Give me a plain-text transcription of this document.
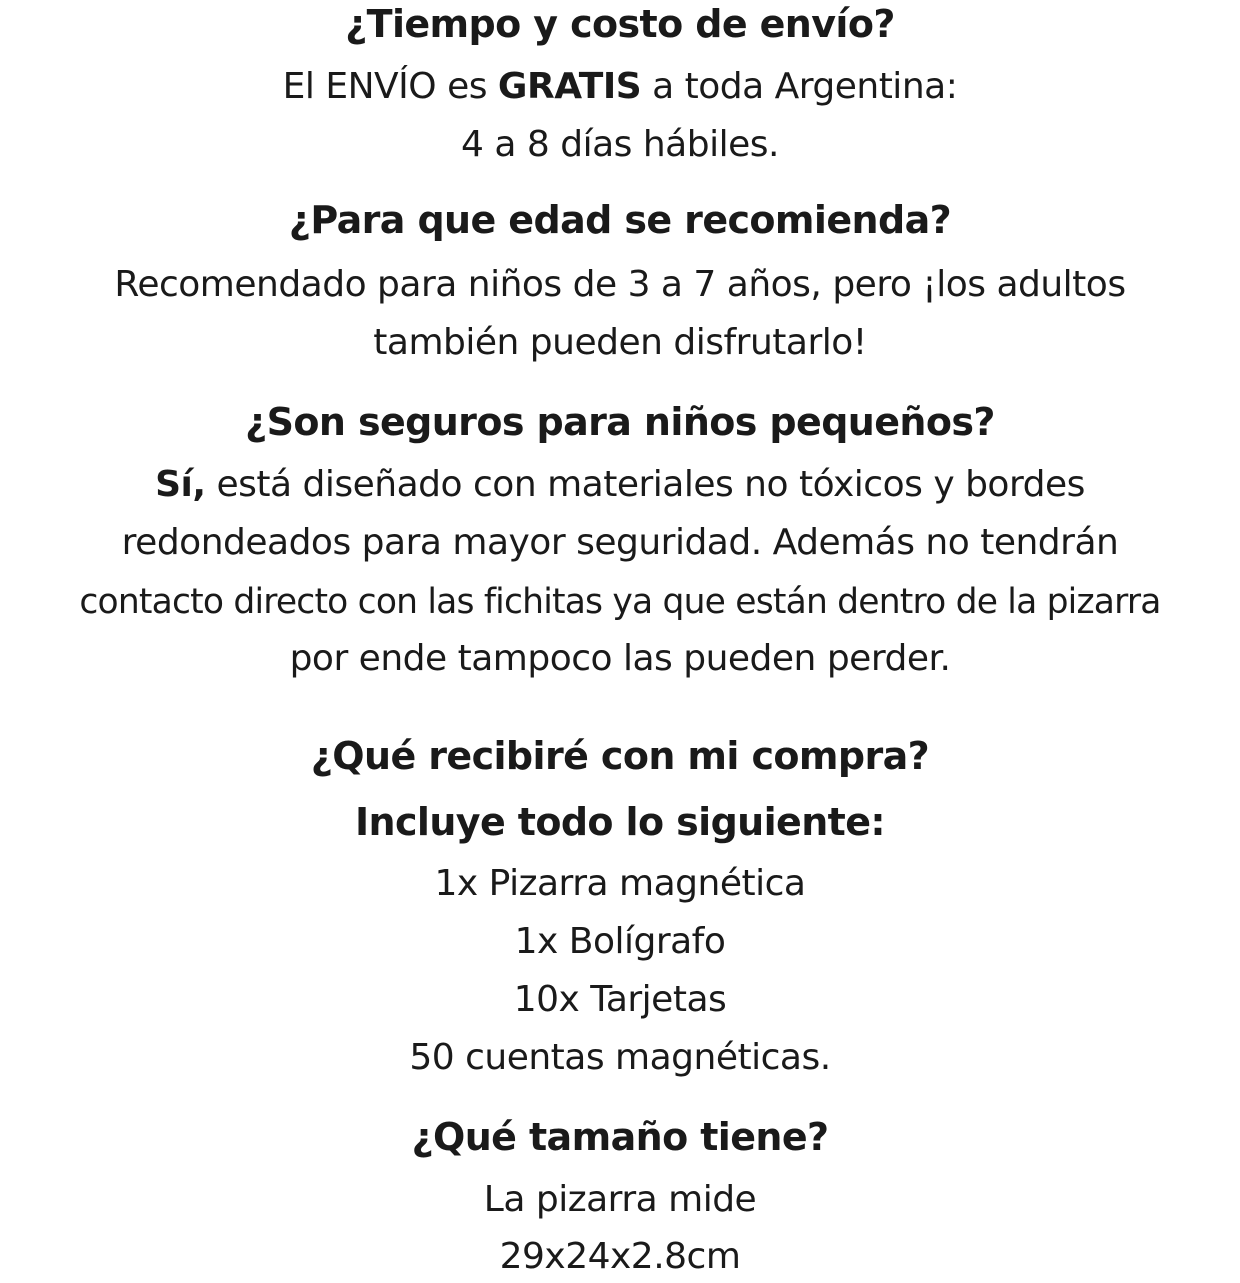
¿Tiempo y costo de envío?
El ENVÍO es GRATIS a toda Argentina:
4 a 8 días hábiles.
¿Para que edad se recomienda?
Recomendado para niños de 3 a 7 años, pero ¡los adultos
también pueden disfrutarlo!
¿Son seguros para niños pequeños?
Sí, está diseñado con materiales no tóxicos y bordes
redondeados para mayor seguridad. Además no tendrán
contacto directo con las fichitas ya que están dentro de la pizarra
por ende tampoco las pueden perder.
¿Qué recibiré con mi compra?
Incluye todo lo siguiente:
1x Pizarra magnética
1x Bolígrafo
10x Tarjetas
50 cuentas magnéticas.
¿Qué tamaño tiene?
La pizarra mide
29x24x2.8cm
